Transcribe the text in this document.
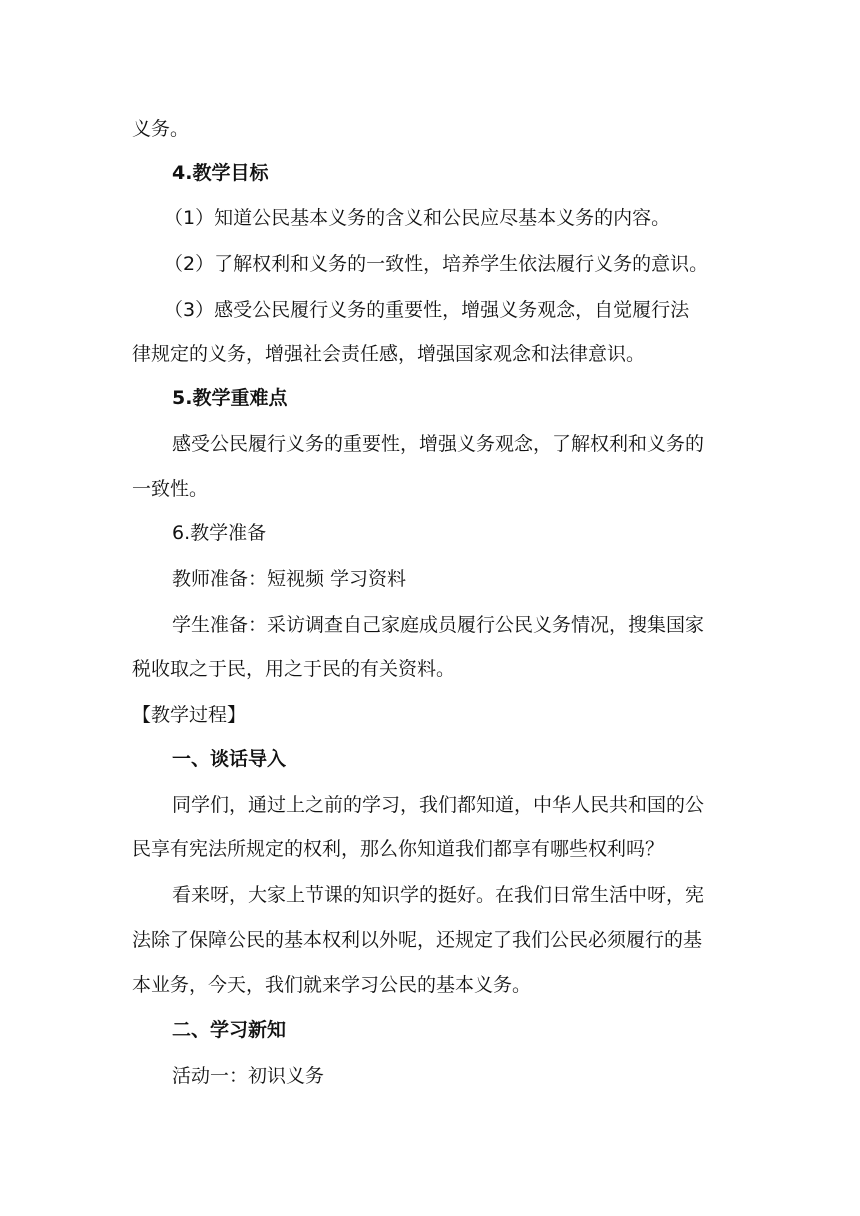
义务。
4.教学目标
（1）知道公民基本义务的含义和公民应尽基本义务的内容。
（2）了解权利和义务的一致性，培养学生依法履行义务的意识。
（3）感受公民履行义务的重要性，增强义务观念，自觉履行法
律规定的义务，增强社会责任感，增强国家观念和法律意识。
5.教学重难点
感受公民履行义务的重要性，增强义务观念，了解权利和义务的
一致性。
6.教学准备
教师准备：短视频 学习资料
学生准备：采访调查自己家庭成员履行公民义务情况，搜集国家
税收取之于民，用之于民的有关资料。
【教学过程】
一、谈话导入
同学们，通过上之前的学习，我们都知道，中华人民共和国的公
民享有宪法所规定的权利，那么你知道我们都享有哪些权利吗？
看来呀，大家上节课的知识学的挺好。在我们日常生活中呀，宪
法除了保障公民的基本权利以外呢，还规定了我们公民必须履行的基
本业务，今天，我们就来学习公民的基本义务。
二、学习新知
活动一：初识义务
